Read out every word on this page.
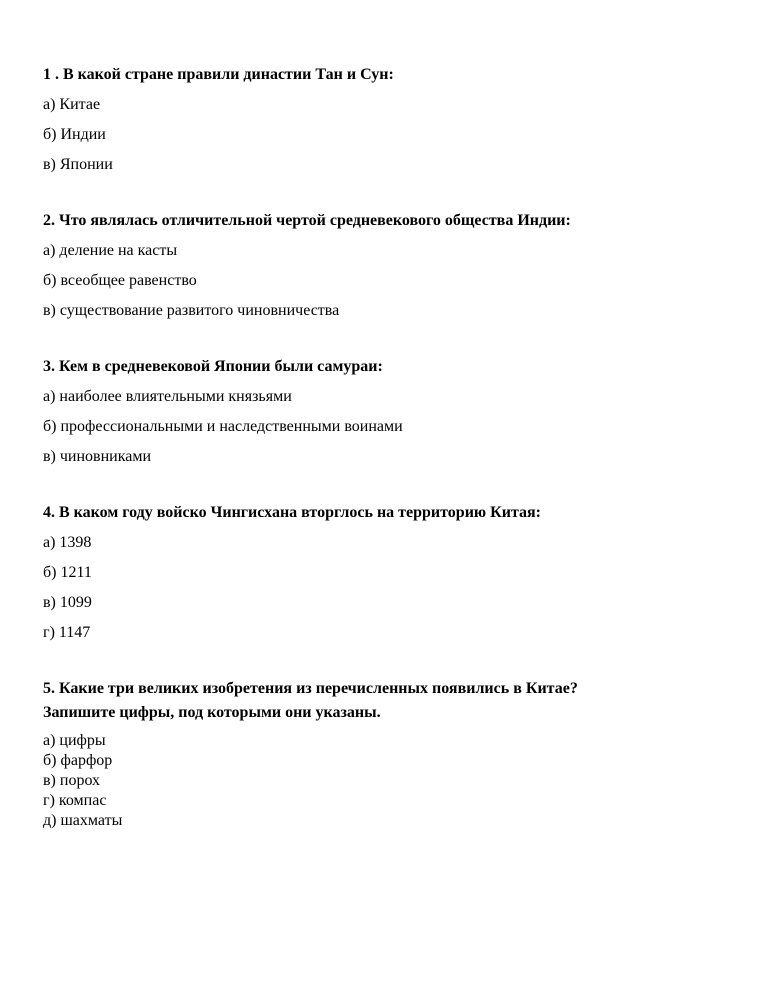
1 . В какой стране правили династии Тан и Сун:

а) Китае

б) Индии

в) Японии

2. Что являлась отличительной чертой средневекового общества Индии:

а) деление на касты

б) всеобщее равенство

в) существование развитого чиновничества

3. Кем в средневековой Японии были самураи:

а) наиболее влиятельными князьями

б) профессиональными и наследственными воинами

в) чиновниками

4. В каком году войско Чингисхана вторглось на территорию Китая:

а) 1398

б) 1211

в) 1099

г) 1147

5. Какие три великих изобретения из перечисленных появились в Китае?
Запишите цифры, под которыми они указаны.

а) цифры

б) фарфор

в) порох

г) компас

д) шахматы
